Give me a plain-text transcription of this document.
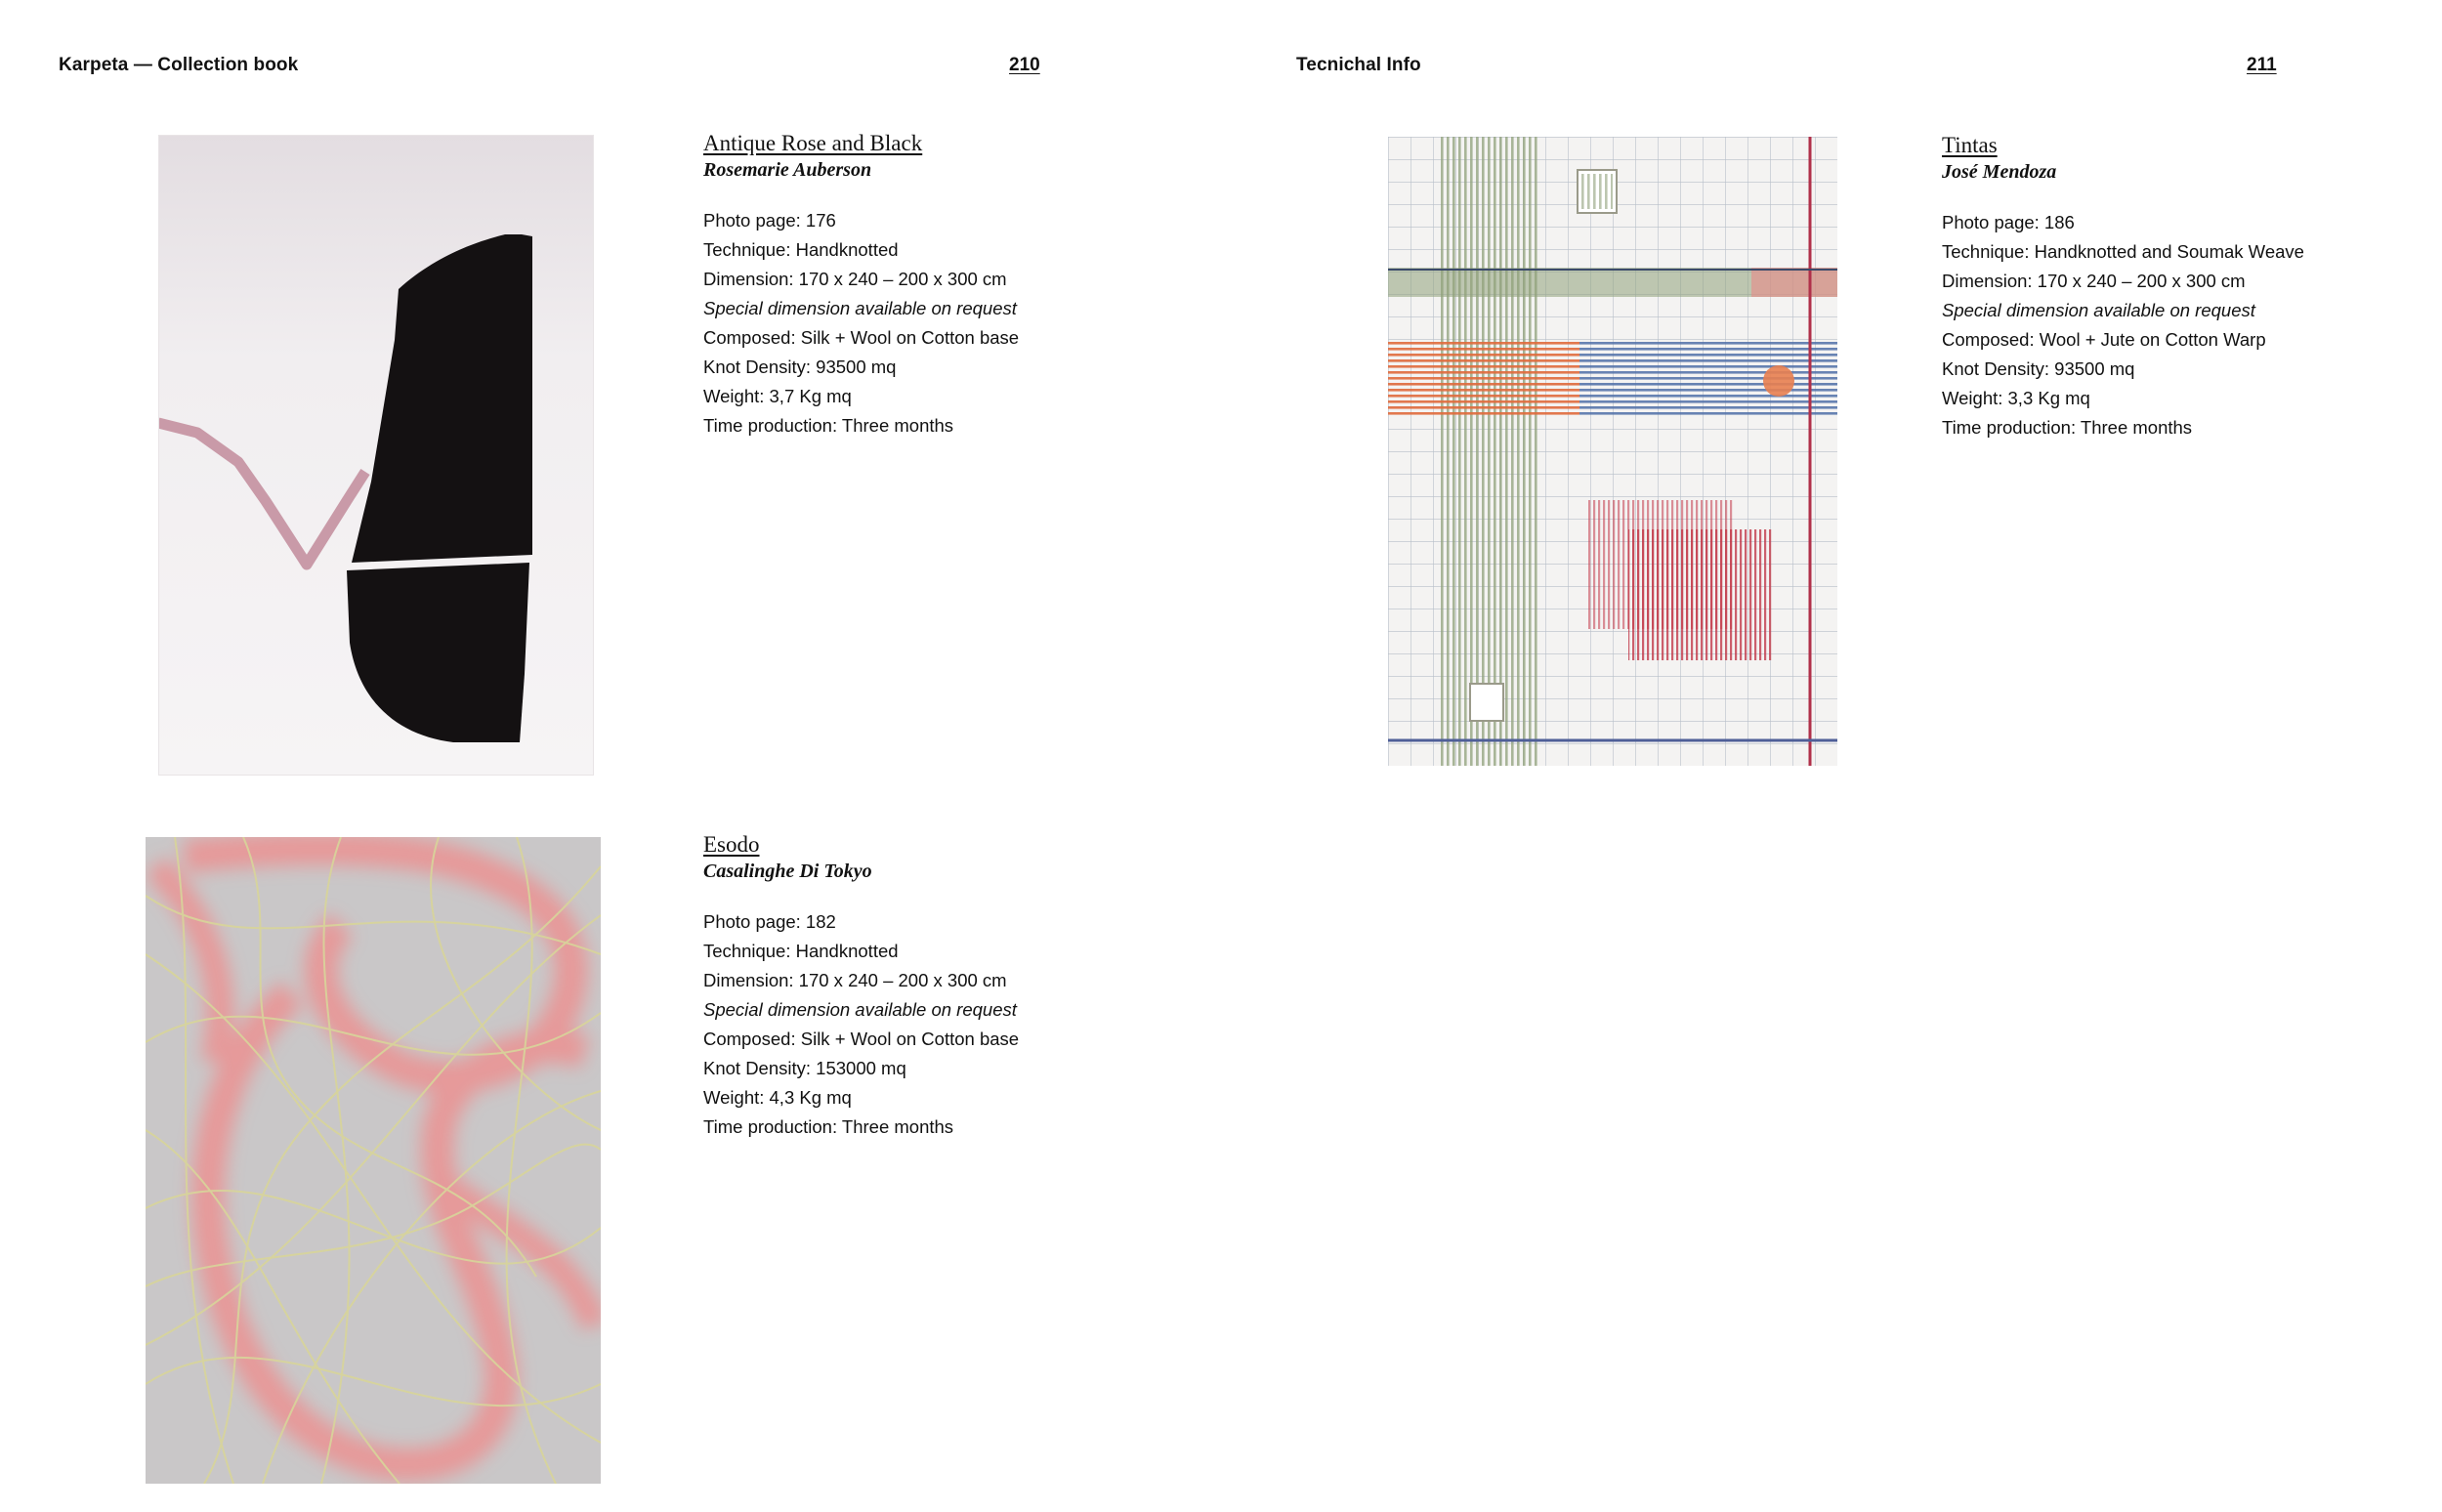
Karpeta — Collection book	210	Tecnichal Info	211
Antique Rose and Black
Rosemarie Auberson
Photo page: 176
Technique: Handknotted
Dimension: 170 x 240 – 200 x 300 cm
Special dimension available on request
Composed: Silk + Wool on Cotton base
Knot Density: 93500 mq
Weight: 3,7 Kg mq
Time production: Three months
Esodo
Casalinghe Di Tokyo
Photo page: 182
Technique: Handknotted
Dimension: 170 x 240 – 200 x 300 cm
Special dimension available on request
Composed: Silk + Wool on Cotton base
Knot Density: 153000 mq
Weight: 4,3 Kg mq
Time production: Three months
Tintas
José Mendoza
Photo page: 186
Technique: Handknotted and Soumak Weave
Dimension: 170 x 240 – 200 x 300 cm
Special dimension available on request
Composed: Wool + Jute on Cotton Warp
Knot Density: 93500 mq
Weight: 3,3 Kg mq
Time production: Three months
